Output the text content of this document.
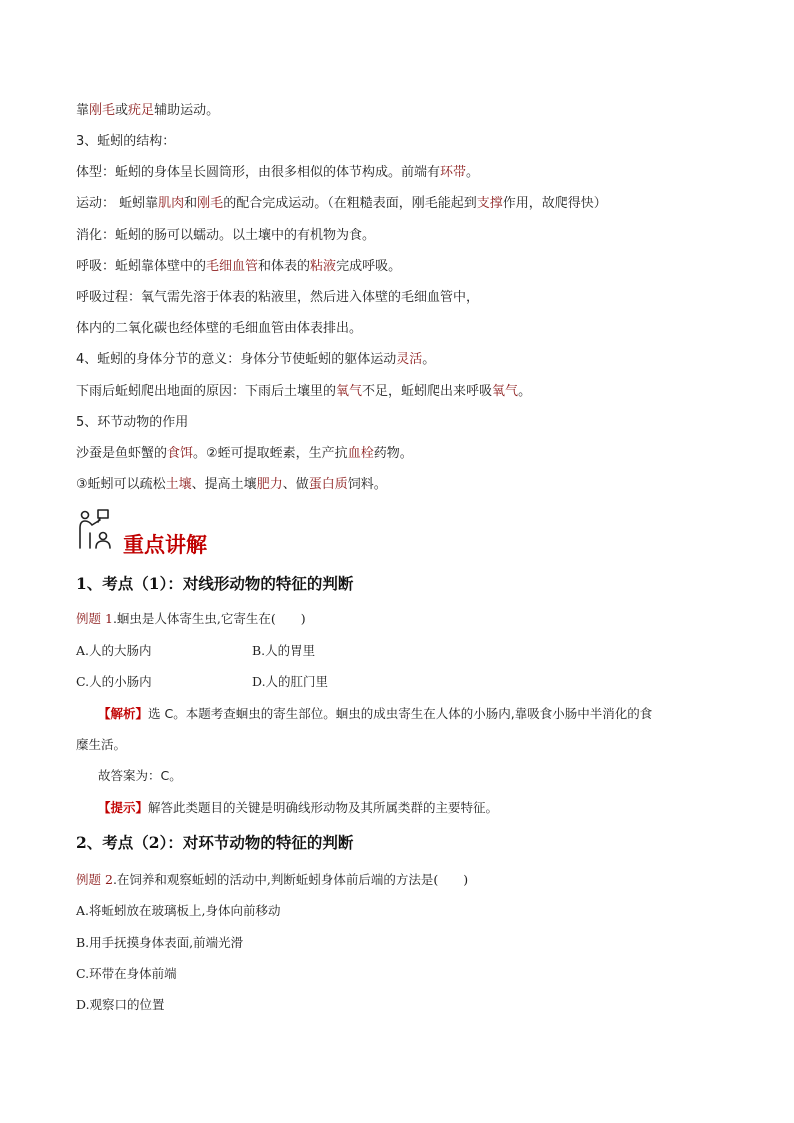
靠刚毛或疣足辅助运动。
3、蚯蚓的结构：
体型：蚯蚓的身体呈长圆筒形，由很多相似的体节构成。前端有环带。
运动： 蚯蚓靠肌肉和刚毛的配合完成运动。（在粗糙表面，刚毛能起到支撑作用，故爬得快）
消化：蚯蚓的肠可以蠕动。以土壤中的有机物为食。
呼吸：蚯蚓靠体壁中的毛细血管和体表的粘液完成呼吸。
呼吸过程：氧气需先溶于体表的粘液里，然后进入体壁的毛细血管中，
体内的二氧化碳也经体壁的毛细血管由体表排出。
4、蚯蚓的身体分节的意义：身体分节使蚯蚓的躯体运动灵活。
下雨后蚯蚓爬出地面的原因：下雨后土壤里的氧气不足，蚯蚓爬出来呼吸氧气。
5、环节动物的作用
沙蚕是鱼虾蟹的食饵。②蛭可提取蛭素，生产抗血栓药物。
③蚯蚓可以疏松土壤、提高土壤肥力、做蛋白质饲料。
重点讲解
1、考点（1）：对线形动物的特征的判断
例题 1.蛔虫是人体寄生虫,它寄生在(　　)
A.人的大肠内	B.人的胃里
C.人的小肠内	D.人的肛门里
【解析】选 C。本题考查蛔虫的寄生部位。蛔虫的成虫寄生在人体的小肠内,靠吸食小肠中半消化的食
糜生活。
故答案为：C。
【提示】解答此类题目的关键是明确线形动物及其所属类群的主要特征。
2、考点（2）：对环节动物的特征的判断
例题 2.在饲养和观察蚯蚓的活动中,判断蚯蚓身体前后端的方法是(　　)
A.将蚯蚓放在玻璃板上,身体向前移动
B.用手抚摸身体表面,前端光滑
C.环带在身体前端
D.观察口的位置
